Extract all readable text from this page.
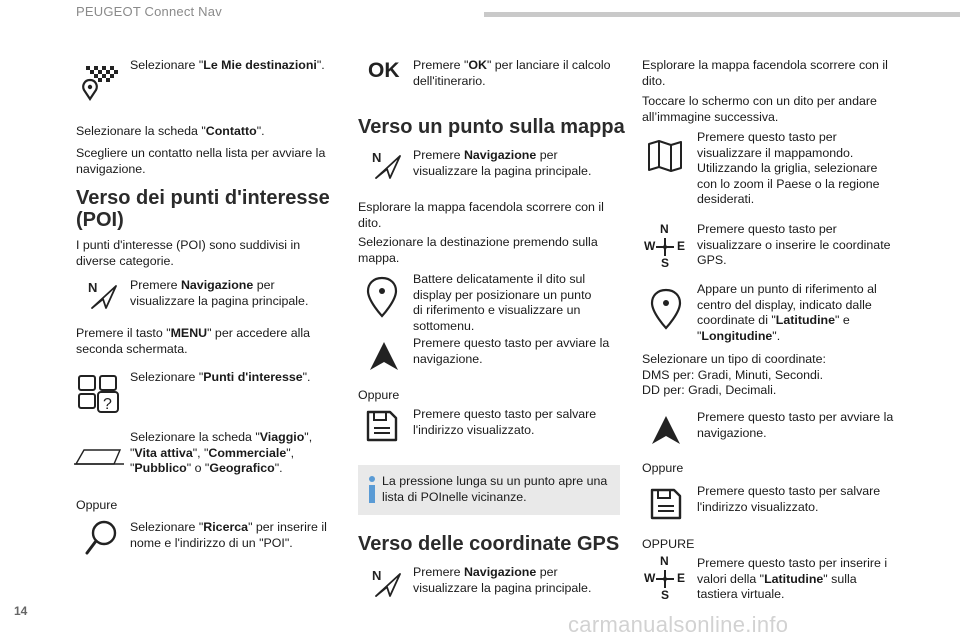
PEUGEOT Connect Nav

Selezionare "Le Mie destinazioni".

Selezionare la scheda "Contatto".

Scegliere un contatto nella lista per avviare la navigazione.

Verso dei punti d'interesse (POI)

I punti d'interesse (POI) sono suddivisi in diverse categorie.

N	Premere Navigazione per visualizzare la pagina principale.

Premere il tasto "MENU" per accedere alla seconda schermata.

?

Selezionare "Punti d'interesse".

Selezionare la scheda "Viaggio", "Vita attiva", "Commerciale", "Pubblico" o "Geografico".

Oppure

Selezionare "Ricerca" per inserire il nome e l'indirizzo di un "POI".

OK Premere "OK" per lanciare il calcolo dell'itinerario.

Verso un punto sulla mappa
N	Premere Navigazione per visualizzare la pagina principale.

Esplorare la mappa facendola scorrere con il dito.

Selezionare la destinazione premendo sulla mappa.

Battere delicatamente il dito sul display per posizionare un punto di riferimento e visualizzare un sottomenu.

Premere questo tasto per avviare la navigazione.

Oppure

Premere questo tasto per salvare l'indirizzo visualizzato.

La pressione lunga su un punto apre una lista di POInelle vicinanze.

Verso delle coordinate GPS
N	Premere Navigazione per visualizzare la pagina principale.

Esplorare la mappa facendola scorrere con il dito.

Toccare lo schermo con un dito per andare all’immagine successiva.

Premere questo tasto per visualizzare il mappamondo. Utilizzando la griglia, selezionare con lo zoom il Paese o la regione desiderati.

N
S
W E

Premere questo tasto per visualizzare o inserire le coordinate GPS.

Appare un punto di riferimento al centro del display, indicato dalle coordinate di "Latitudine" e "Longitudine".

Selezionare un tipo di coordinate:
DMS per: Gradi, Minuti, Secondi.
DD per: Gradi, Decimali.

Premere questo tasto per avviare la navigazione.

Oppure

Premere questo tasto per salvare l'indirizzo visualizzato.

OPPURE

N
S
W E

Premere questo tasto per inserire i valori della "Latitudine" sulla tastiera virtuale.

14
carmanualsonline.info
